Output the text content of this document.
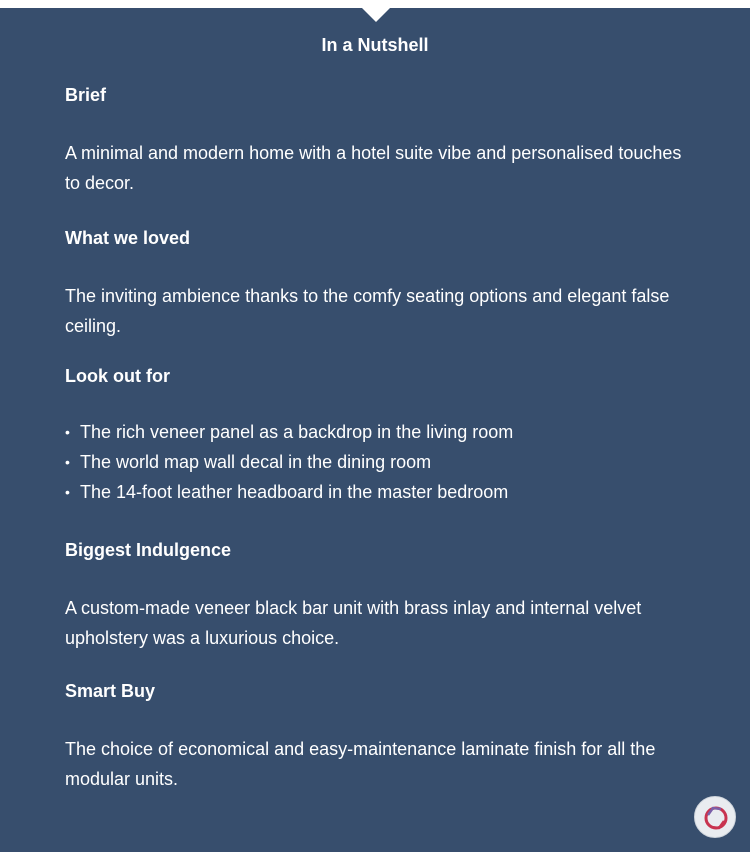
In a Nutshell

Brief

A minimal and modern home with a hotel suite vibe and personalised touches to decor.

What we loved

The inviting ambience thanks to the comfy seating options and elegant false ceiling.

Look out for

• The rich veneer panel as a backdrop in the living room
• The world map wall decal in the dining room
• The 14-foot leather headboard in the master bedroom

Biggest Indulgence

A custom-made veneer black bar unit with brass inlay and internal velvet upholstery was a luxurious choice.

Smart Buy

The choice of economical and easy-maintenance laminate finish for all the modular units.
